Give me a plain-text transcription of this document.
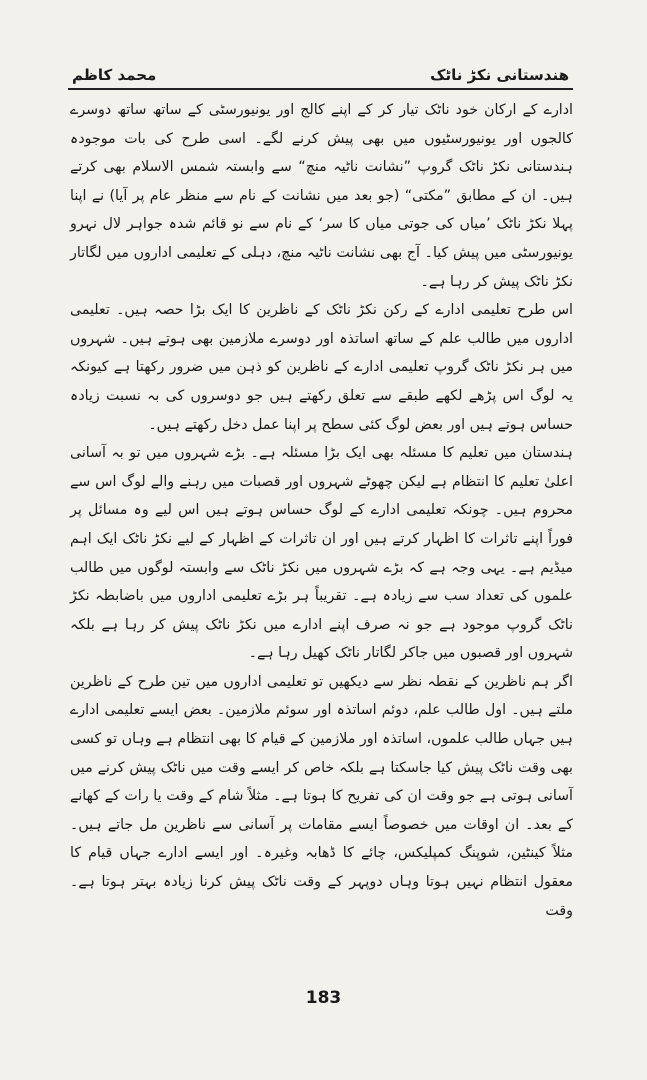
هندستانی نکڑ ناٹک
محمد کاظم

ادارے کے ارکان خود ناٹک تیار کر کے اپنے کالج اور یونیورسٹی کے ساتھ ساتھ دوسرے کالجوں اور یونیورسٹیوں میں بھی پیش کرنے لگے۔ اسی طرح کی بات موجودہ ہندستانی نکڑ ناٹک گروپ ”نشانت ناٹیہ منچ“ سے وابستہ شمس الاسلام بھی کرتے ہیں۔ ان کے مطابق ”مکتی“ (جو بعد میں نشانت کے نام سے منظر عام پر آیا) نے اپنا پہلا نکڑ ناٹک ’میاں کی جوتی میاں کا سر‘ کے نام سے نو قائم شدہ جواہر لال نہرو یونیورسٹی میں پیش کیا۔ آج بھی نشانت ناٹیہ منچ، دہلی کے تعلیمی اداروں میں لگاتار نکڑ ناٹک پیش کر رہا ہے۔

اس طرح تعلیمی ادارے کے رکن نکڑ ناٹک کے ناظرین کا ایک بڑا حصہ ہیں۔ تعلیمی اداروں میں طالب علم کے ساتھ اساتذہ اور دوسرے ملازمین بھی ہوتے ہیں۔ شہروں میں ہر نکڑ ناٹک گروپ تعلیمی ادارے کے ناظرین کو ذہن میں ضرور رکھتا ہے کیونکہ یہ لوگ اس پڑھے لکھے طبقے سے تعلق رکھتے ہیں جو دوسروں کی بہ نسبت زیادہ حساس ہوتے ہیں اور بعض لوگ کئی سطح پر اپنا عمل دخل رکھتے ہیں۔

ہندستان میں تعلیم کا مسئلہ بھی ایک بڑا مسئلہ ہے۔ بڑے شہروں میں تو بہ آسانی اعلیٰ تعلیم کا انتظام ہے لیکن چھوٹے شہروں اور قصبات میں رہنے والے لوگ اس سے محروم ہیں۔ چونکہ تعلیمی ادارے کے لوگ حساس ہوتے ہیں اس لیے وہ مسائل پر فوراً اپنے تاثرات کا اظہار کرتے ہیں اور ان تاثرات کے اظہار کے لیے نکڑ ناٹک ایک اہم میڈیم ہے۔ یہی وجہ ہے کہ بڑے شہروں میں نکڑ ناٹک سے وابستہ لوگوں میں طالب علموں کی تعداد سب سے زیادہ ہے۔ تقریباً ہر بڑے تعلیمی اداروں میں باضابطہ نکڑ ناٹک گروپ موجود ہے جو نہ صرف اپنے ادارے میں نکڑ ناٹک پیش کر رہا ہے بلکہ شہروں اور قصبوں میں جاکر لگاتار ناٹک کھیل رہا ہے۔

اگر ہم ناظرین کے نقطہ نظر سے دیکھیں تو تعلیمی اداروں میں تین طرح کے ناظرین ملتے ہیں۔ اول طالب علم، دوئم اساتذہ اور سوئم ملازمین۔ بعض ایسے تعلیمی ادارے ہیں جہاں طالب علموں، اساتذہ اور ملازمین کے قیام کا بھی انتظام ہے وہاں تو کسی بھی وقت ناٹک پیش کیا جاسکتا ہے بلکہ خاص کر ایسے وقت میں ناٹک پیش کرنے میں آسانی ہوتی ہے جو وقت ان کی تفریح کا ہوتا ہے۔ مثلاً شام کے وقت یا رات کے کھانے کے بعد۔ ان اوقات میں خصوصاً ایسے مقامات پر آسانی سے ناظرین مل جاتے ہیں۔ مثلاً کینٹین، شوپنگ کمپلیکس، چائے کا ڈھابہ وغیرہ۔ اور ایسے ادارے جہاں قیام کا معقول انتظام نہیں ہوتا وہاں دوپہر کے وقت ناٹک پیش کرنا زیادہ بہتر ہوتا ہے۔ وقت

183
